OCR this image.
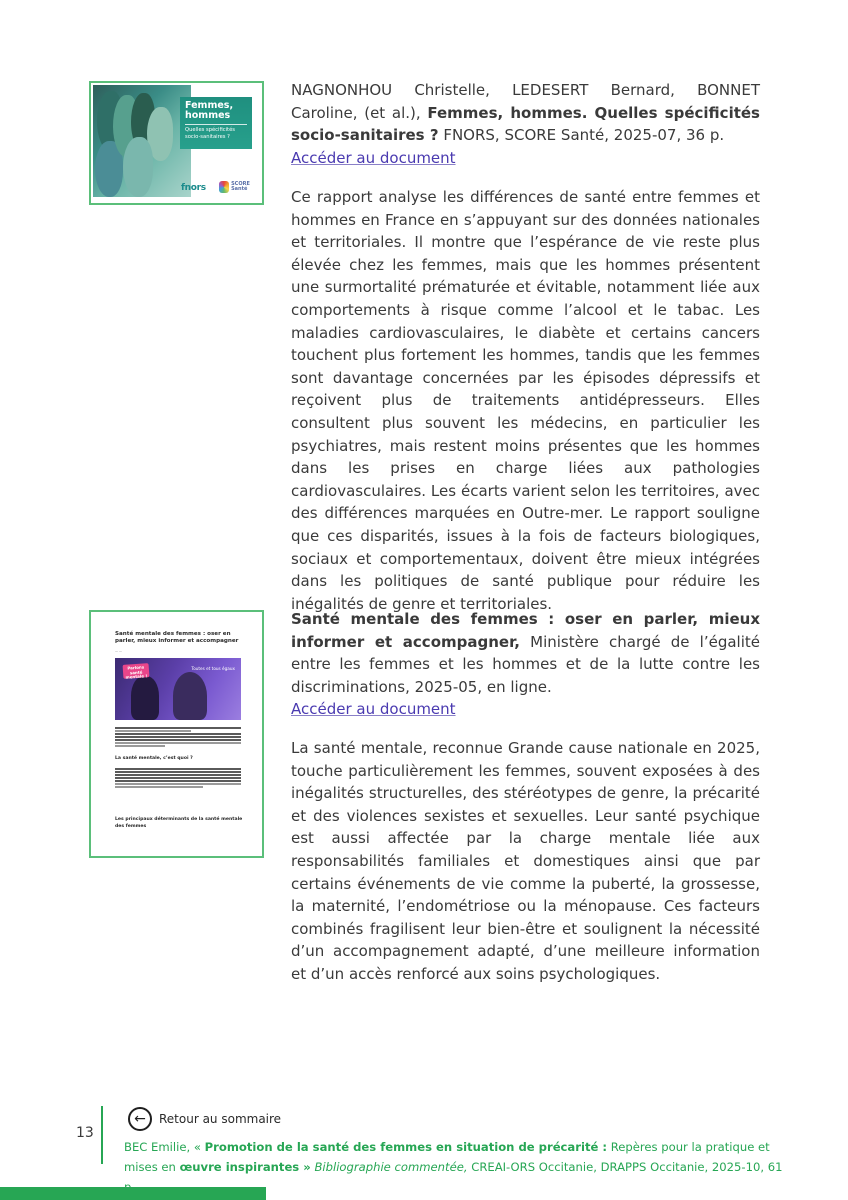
Femmes, hommes
Quelles spécificités socio-sanitaires ?
fnors	SCORE Santé
NAGNONHOU Christelle, LEDESERT Bernard, BONNET Caroline, (et al.), Femmes, hommes. Quelles spécificités socio-sanitaires ? FNORS, SCORE Santé, 2025-07, 36 p.
Accéder au document
Ce rapport analyse les différences de santé entre femmes et hommes en France en s’appuyant sur des données nationales et territoriales. Il montre que l’espérance de vie reste plus élevée chez les femmes, mais que les hommes présentent une surmortalité prématurée et évitable, notamment liée aux comportements à risque comme l’alcool et le tabac. Les maladies cardiovasculaires, le diabète et certains cancers touchent plus fortement les hommes, tandis que les femmes sont davantage concernées par les épisodes dépressifs et reçoivent plus de traitements antidépresseurs. Elles consultent plus souvent les médecins, en particulier les psychiatres, mais restent moins présentes que les hommes dans les prises en charge liées aux pathologies cardiovasculaires. Les écarts varient selon les territoires, avec des différences marquées en Outre-mer. Le rapport souligne que ces disparités, issues à la fois de facteurs biologiques, sociaux et comportementaux, doivent être mieux intégrées dans les politiques de santé publique pour réduire les inégalités de genre et territoriales.
Santé mentale des femmes : oser en parler, mieux informer et accompagner
— —
Parlons santé mentale !
Toutes et tous égaux
La santé mentale, c’est quoi ?
Les principaux déterminants de la santé mentale des femmes
Santé mentale des femmes : oser en parler, mieux informer et accompagner, Ministère chargé de l’égalité entre les femmes et les hommes et de la lutte contre les discriminations, 2025-05, en ligne.
Accéder au document
La santé mentale, reconnue Grande cause nationale en 2025, touche particulièrement les femmes, souvent exposées à des inégalités structurelles, des stéréotypes de genre, la précarité et des violences sexistes et sexuelles. Leur santé psychique est aussi affectée par la charge mentale liée aux responsabilités familiales et domestiques ainsi que par certains événements de vie comme la puberté, la grossesse, la maternité, l’endométriose ou la ménopause. Ces facteurs combinés fragilisent leur bien-être et soulignent la nécessité d’un accompagnement adapté, d’une meilleure information et d’un accès renforcé aux soins psychologiques.
13
←	Retour au sommaire
BEC Emilie, « Promotion de la santé des femmes en situation de précarité : Repères pour la pratique et mises en œuvre inspirantes » Bibliographie commentée, CREAI-ORS Occitanie, DRAPPS Occitanie, 2025-10, 61
